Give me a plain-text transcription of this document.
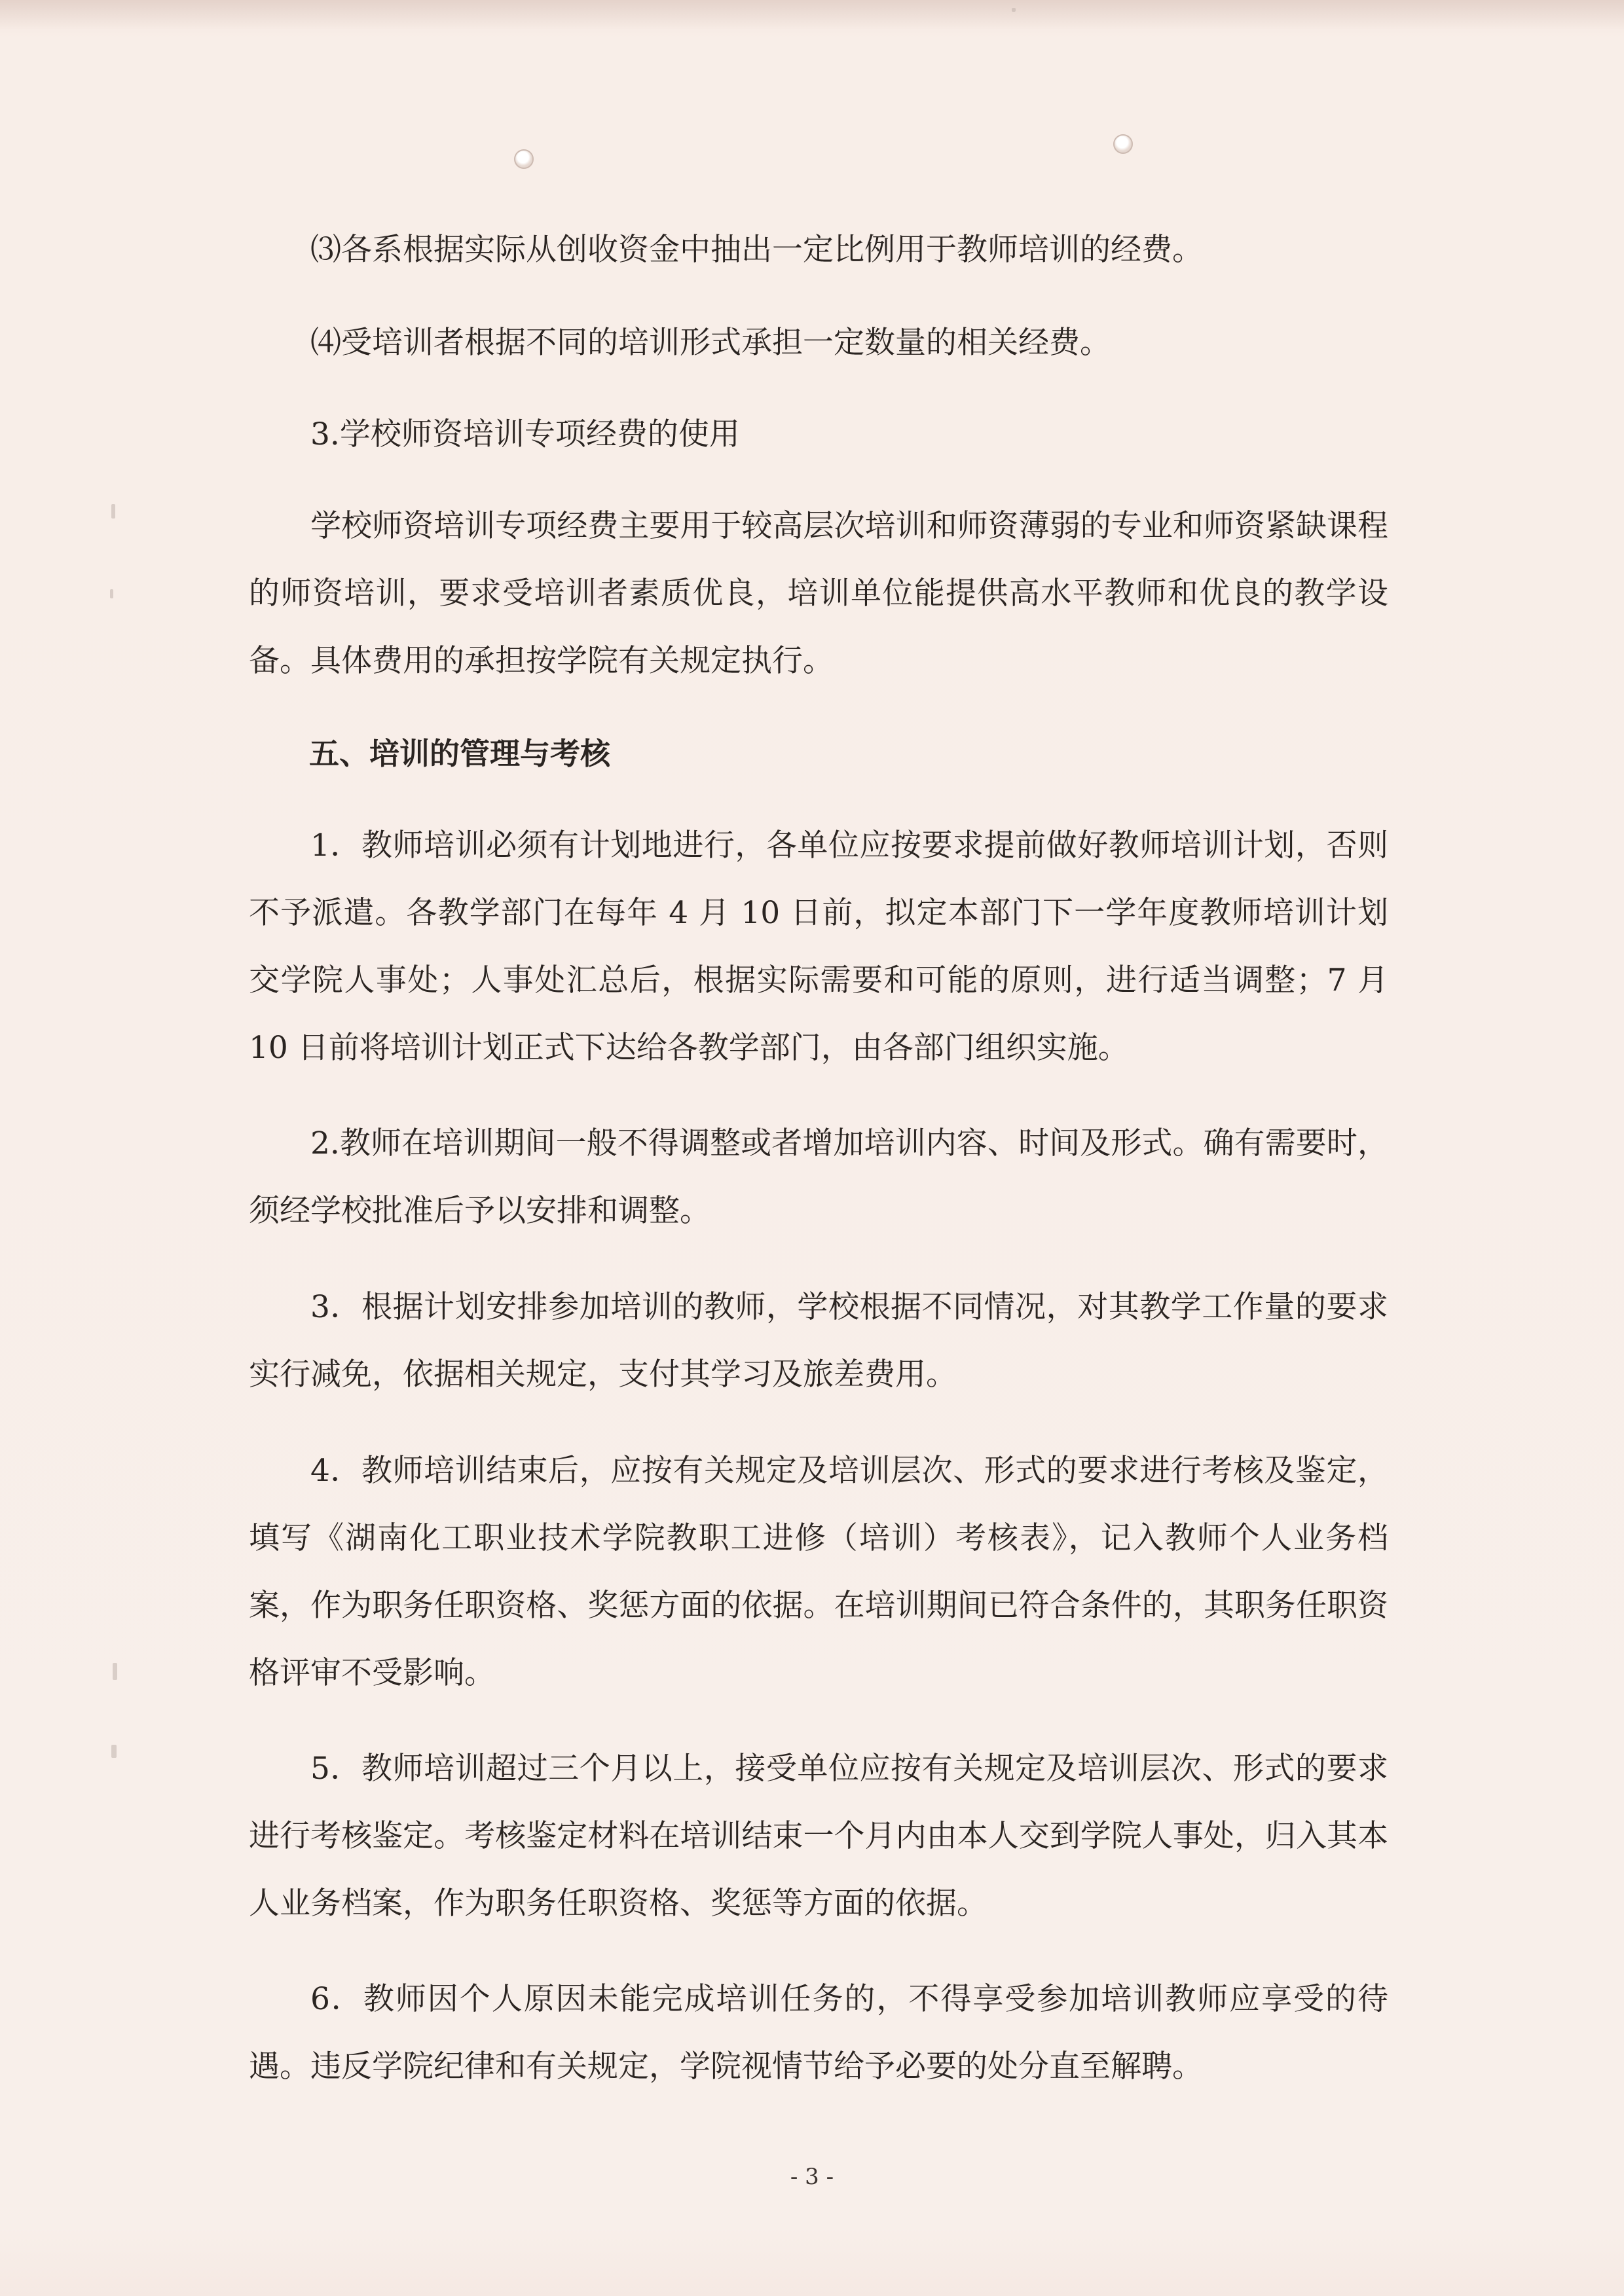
⑶各系根据实际从创收资金中抽出一定比例用于教师培训的经费。

⑷受培训者根据不同的培训形式承担一定数量的相关经费。

3.学校师资培训专项经费的使用

学校师资培训专项经费主要用于较高层次培训和师资薄弱的专业和师资紧缺课程的师资培训，要求受培训者素质优良，培训单位能提供高水平教师和优良的教学设备。具体费用的承担按学院有关规定执行。

五、培训的管理与考核

1．教师培训必须有计划地进行，各单位应按要求提前做好教师培训计划，否则不予派遣。各教学部门在每年 4 月 10 日前，拟定本部门下一学年度教师培训计划交学院人事处；人事处汇总后，根据实际需要和可能的原则，进行适当调整；7 月 10 日前将培训计划正式下达给各教学部门，由各部门组织实施。

2.教师在培训期间一般不得调整或者增加培训内容、时间及形式。确有需要时，须经学校批准后予以安排和调整。

3．根据计划安排参加培训的教师，学校根据不同情况，对其教学工作量的要求实行减免，依据相关规定，支付其学习及旅差费用。

4．教师培训结束后，应按有关规定及培训层次、形式的要求进行考核及鉴定，填写《湖南化工职业技术学院教职工进修（培训）考核表》，记入教师个人业务档案，作为职务任职资格、奖惩方面的依据。在培训期间已符合条件的，其职务任职资格评审不受影响。

5．教师培训超过三个月以上，接受单位应按有关规定及培训层次、形式的要求进行考核鉴定。考核鉴定材料在培训结束一个月内由本人交到学院人事处，归入其本人业务档案，作为职务任职资格、奖惩等方面的依据。

6．教师因个人原因未能完成培训任务的，不得享受参加培训教师应享受的待遇。违反学院纪律和有关规定，学院视情节给予必要的处分直至解聘。

- 3 -
